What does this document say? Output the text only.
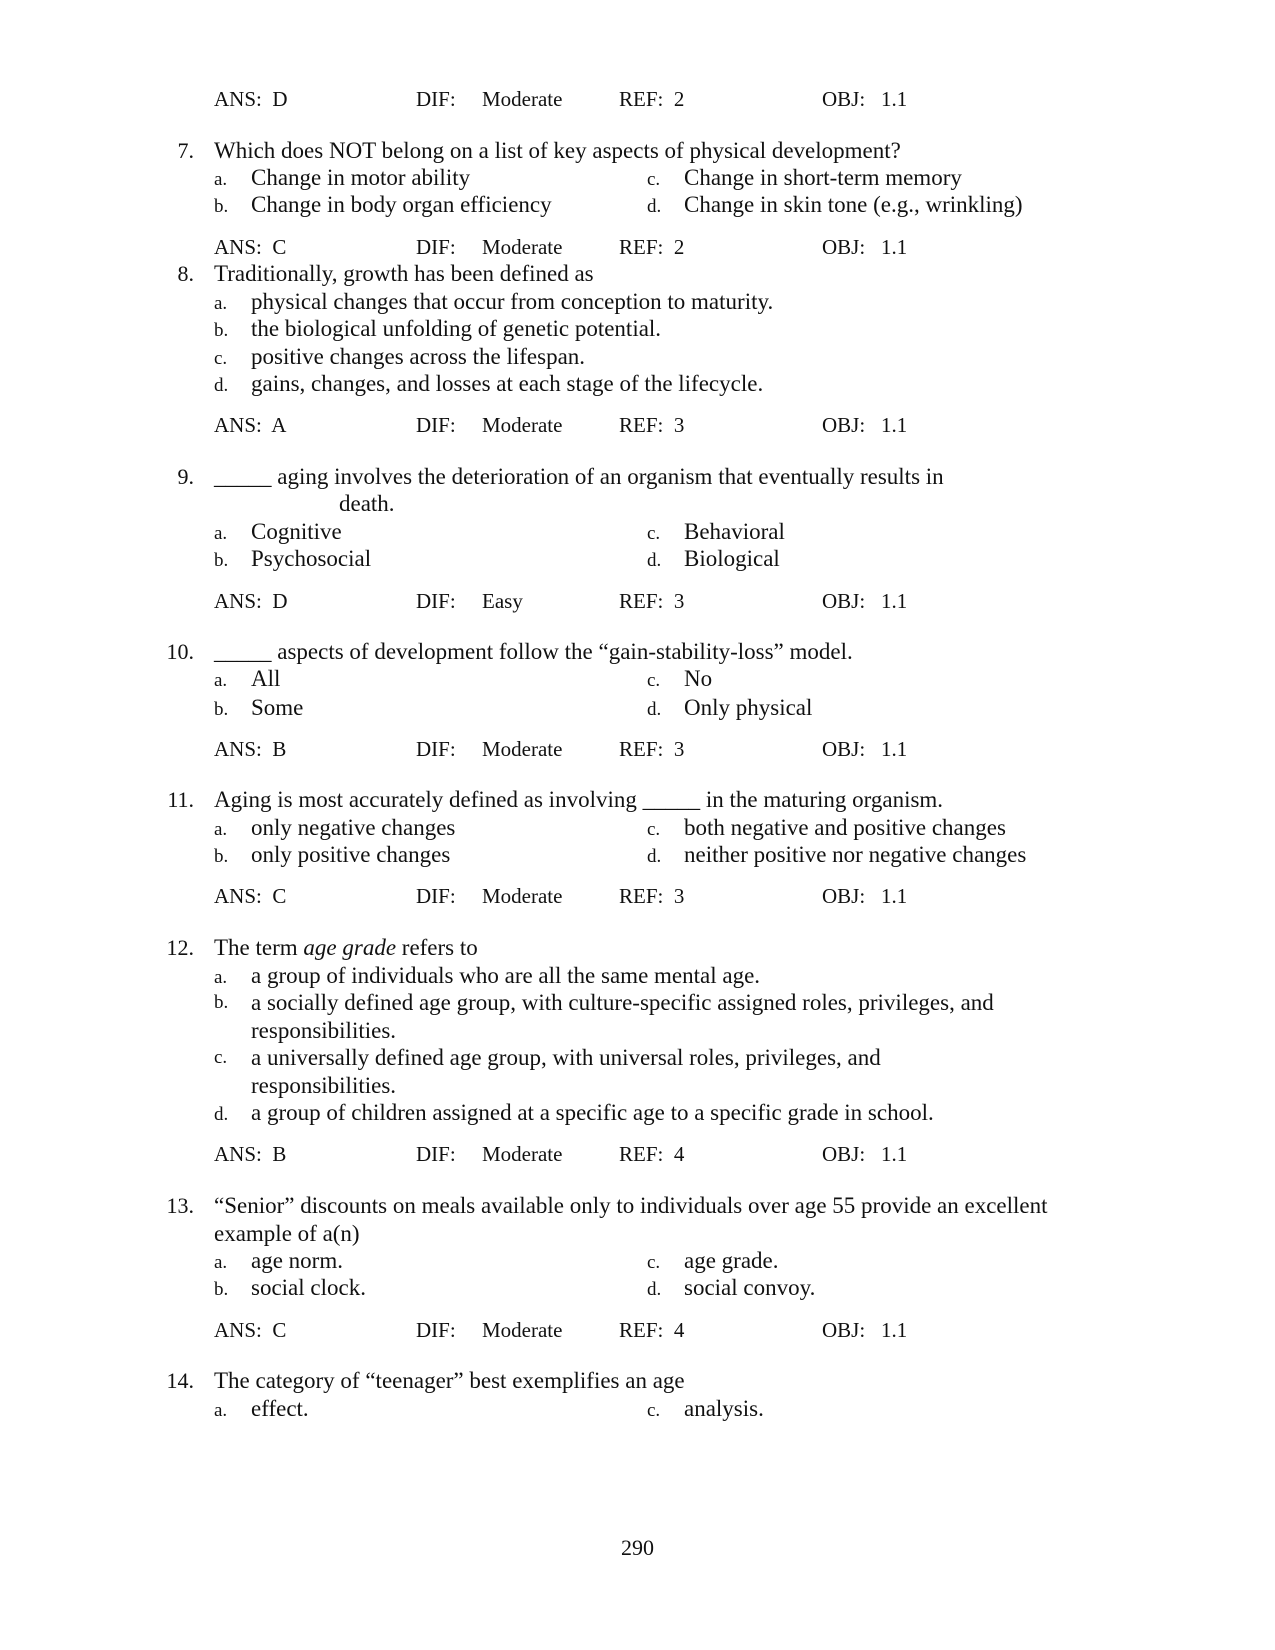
ANS: D	DIF: Moderate	REF: 2	OBJ: 1.1
7. Which does NOT belong on a list of key aspects of physical development?
a. Change in motor ability
b. Change in body organ efficiency
c. Change in short-term memory
d. Change in skin tone (e.g., wrinkling)
ANS: C	DIF: Moderate	REF: 2	OBJ: 1.1
8. Traditionally, growth has been defined as
a. physical changes that occur from conception to maturity.
b. the biological unfolding of genetic potential.
c. positive changes across the lifespan.
d. gains, changes, and losses at each stage of the lifecycle.
ANS: A	DIF: Moderate	REF: 3	OBJ: 1.1
9. _____ aging involves the deterioration of an organism that eventually results in
death.
a. Cognitive
b. Psychosocial
c. Behavioral
d. Biological
ANS: D	DIF: Easy	REF: 3	OBJ: 1.1
10. _____ aspects of development follow the “gain-stability-loss” model.
a. All
b. Some
c. No
d. Only physical
ANS: B	DIF: Moderate	REF: 3	OBJ: 1.1
11. Aging is most accurately defined as involving _____ in the maturing organism.
a. only negative changes
b. only positive changes
c. both negative and positive changes
d. neither positive nor negative changes
ANS: C	DIF: Moderate	REF: 3	OBJ: 1.1
12. The term age grade refers to
a. a group of individuals who are all the same mental age.
b. a socially defined age group, with culture-specific assigned roles, privileges, and responsibilities.
c. a universally defined age group, with universal roles, privileges, and responsibilities.
d. a group of children assigned at a specific age to a specific grade in school.
ANS: B	DIF: Moderate	REF: 4	OBJ: 1.1
13. “Senior” discounts on meals available only to individuals over age 55 provide an excellent example of a(n)
a. age norm.
b. social clock.
c. age grade.
d. social convoy.
ANS: C	DIF: Moderate	REF: 4	OBJ: 1.1
14. The category of “teenager” best exemplifies an age
a. effect.	c. analysis.
290
